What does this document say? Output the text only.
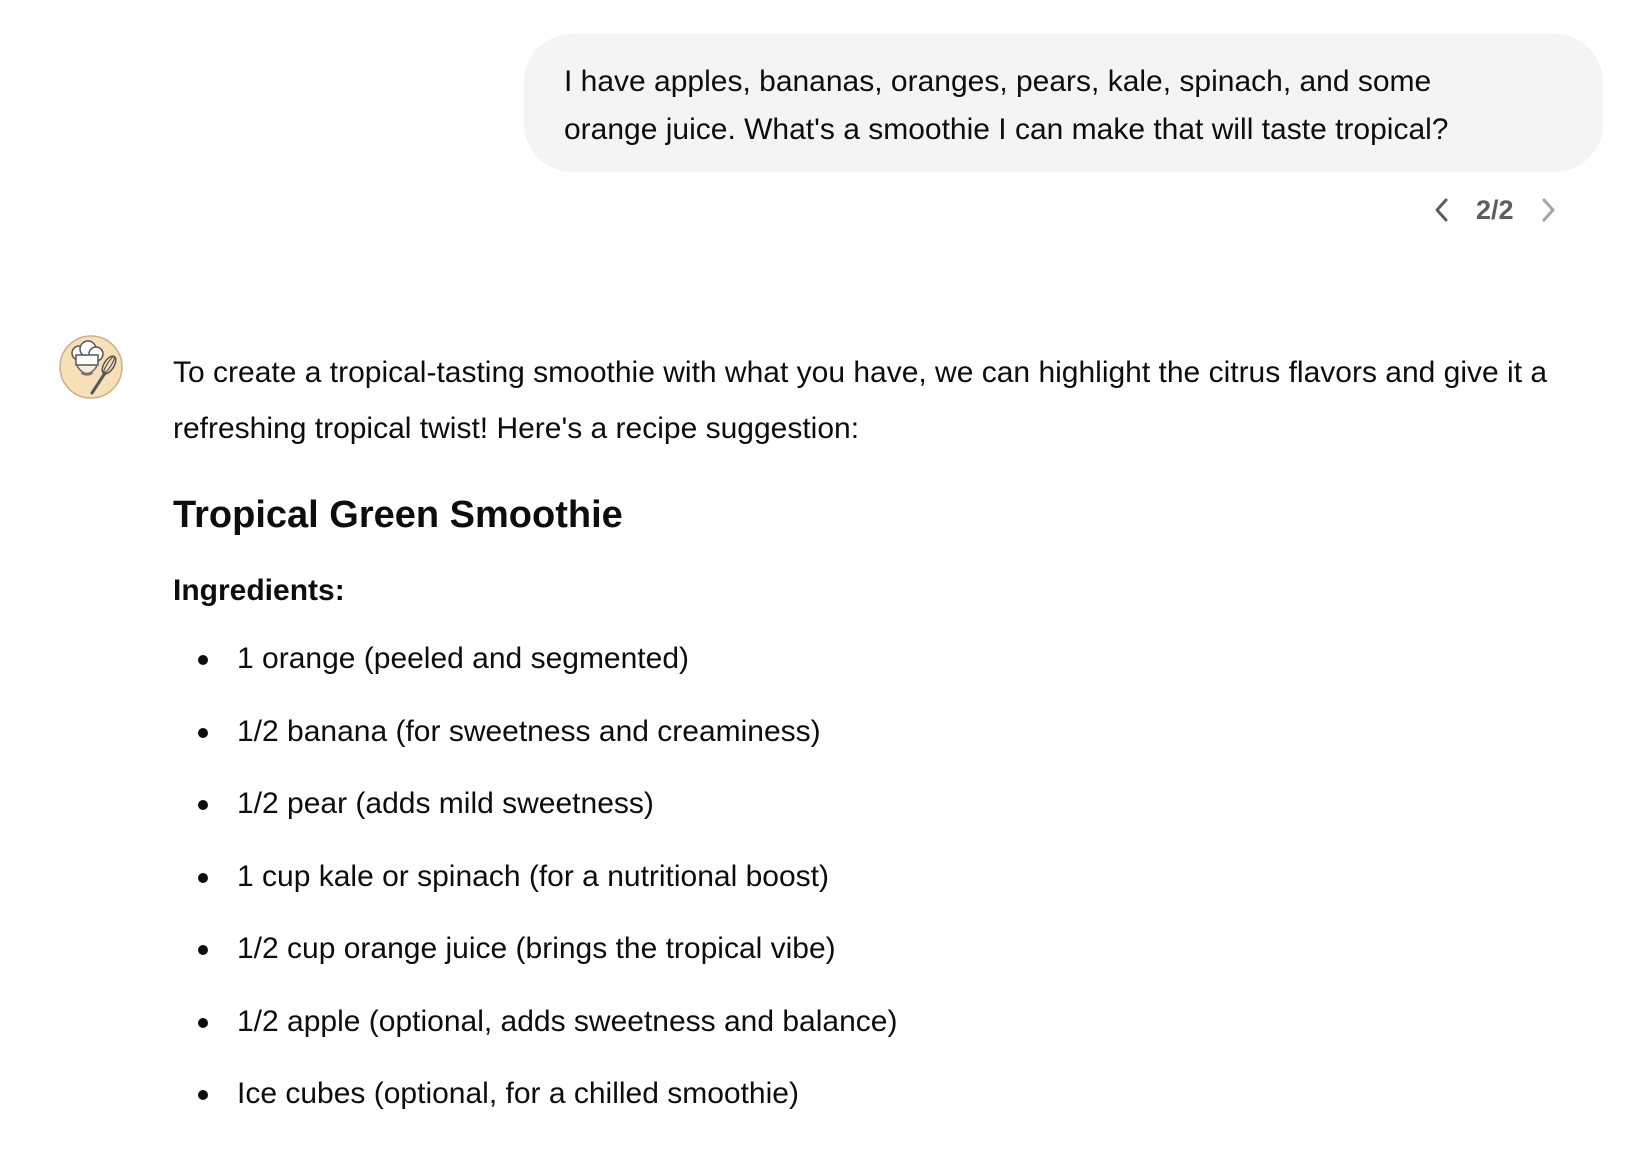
I have apples, bananas, oranges, pears, kale, spinach, and some
orange juice. What's a smoothie I can make that will taste tropical?
2/2

To create a tropical-tasting smoothie with what you have, we can highlight the citrus flavors and give it a refreshing tropical twist! Here's a recipe suggestion:

Tropical Green Smoothie
Ingredients:
1 orange (peeled and segmented)
1/2 banana (for sweetness and creaminess)
1/2 pear (adds mild sweetness)
1 cup kale or spinach (for a nutritional boost)
1/2 cup orange juice (brings the tropical vibe)
1/2 apple (optional, adds sweetness and balance)
Ice cubes (optional, for a chilled smoothie)
